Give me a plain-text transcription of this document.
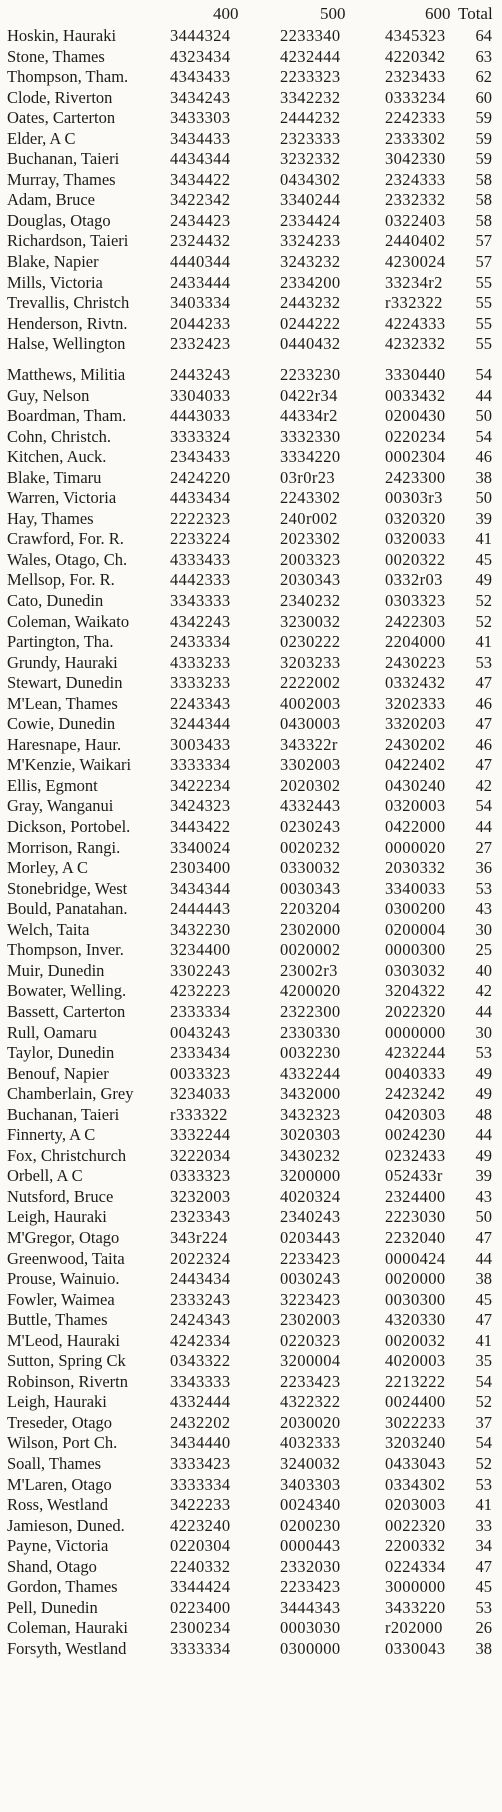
400	500	600 Total
Hoskin, Hauraki	3444324	2233340	4345323 64
Stone, Thames	4323434	4232444	4220342 63
Thompson, Tham.	4343433	2233323	2323433 62
Clode, Riverton	3434243	3342232	0333234 60
Oates, Carterton	3433303	2444232	2242333 59
Elder, A C	3434433	2323333	2333302 59
Buchanan, Taieri	4434344	3232332	3042330 59
Murray, Thames	3434422	0434302	2324333 58
Adam, Bruce	3422342	3340244	2332332 58
Douglas, Otago	2434423	2334424	0322403 58
Richardson, Taieri	2324432	3324233	2440402 57
Blake, Napier	4440344	3243232	4230024 57
Mills, Victoria	2433444	2334200	33234r2 55
Trevallis, Christch 3403334	2443232	r332322 55
Henderson, Rivtn.	2044233	0244222	4224333 55
Halse, Wellington	2332423	0440432	4232332 55
Matthews, Militia	2443243	2233230	3330440 54
Guy, Nelson	3304033	0422r34	0033432 44
Boardman, Tham.	4443033	44334r2	0200430 50
Cohn, Christch.	3333324	3332330	0220234 54
Kitchen, Auck.	2343433	3334220	0002304 46
Blake, Timaru	2424220	03r0r23	2423300 38
Warren, Victoria	4433434	2243302	00303r3 50
Hay, Thames	2222323	240r002	0320320 39
Crawford, For. R.	2233224	2023302	0320033 41
Wales, Otago, Ch.	4333433	2003323	0020322 45
Mellsop, For. R.	4442333	2030343	0332r03 49
Cato, Dunedin	3343333	2340232	0303323 52
Coleman, Waikato 4342243	3230032	2422303 52
Partington, Tha.	2433334	0230222	2204000 41
Grundy, Hauraki	4333233	3203233	2430223 53
Stewart, Dunedin	3333233	2222002	0332432 47
M'Lean, Thames	2243343	4002003	3202333 46
Cowie, Dunedin	3244344	0430003	3320203 47
Haresnape, Haur.	3003433	343322r	2430202 46
M'Kenzie, Waikari 3333334	3302003	0422402 47
Ellis, Egmont	3422234	2020302	0430240 42
Gray, Wanganui	3424323	4332443	0320003 54
Dickson, Portobel. 3443422	0230243	0422000 44
Morrison, Rangi.	3340024	0020232	0000020 27
Morley, A C	2303400	0330032	2030332 36
Stonebridge, West	3434344	0030343	3340033 53
Bould, Panatahan.	2444443	2203204	0300200 43
Welch, Taita	3432230	2302000	0200004 30
Thompson, Inver.	3234400	0020002	0000300 25
Muir, Dunedin	3302243	23002r3	0303032 40
Bowater, Welling.	4232223	4200020	3204322 42
Bassett, Carterton	2333334	2322300	2022320 44
Rull, Oamaru	0043243	2330330	0000000 30
Taylor, Dunedin	2333434	0032230	4232244 53
Benouf, Napier	0033323	4332244	0040333 49
Chamberlain, Grey 3234033	3432000	2423242 49
Buchanan, Taieri	r333322	3432323	0420303 48
Finnerty, A C	3332244	3020303	0024230 44
Fox, Christchurch	3222034	3430232	0232433 49
Orbell, A C	0333323	3200000	052433r 39
Nutsford, Bruce	3232003	4020324	2324400 43
Leigh, Hauraki	2323343	2340243	2223030 50
M'Gregor, Otago	343r224	0203443	2232040 47
Greenwood, Taita	2022324	2233423	0000424 44
Prouse, Wainuio.	2443434	0030243	0020000 38
Fowler, Waimea	2333243	3223423	0030300 45
Buttle, Thames	2424343	2302003	4320330 47
M'Leod, Hauraki	4242334	0220323	0020032 41
Sutton, Spring Ck	0343322	3200004	4020003 35
Robinson, Rivertn	3343333	2233423	2213222 54
Leigh, Hauraki	4332444	4322322	0024400 52
Treseder, Otago	2432202	2030020	3022233 37
Wilson, Port Ch.	3434440	4032333	3203240 54
Soall, Thames	3333423	3240032	0433043 52
M'Laren, Otago	3333334	3403303	0334302 53
Ross, Westland	3422233	0024340	0203003 41
Jamieson, Duned.	4223240	0200230	0022320 33
Payne, Victoria	0220304	0000443	2200332 34
Shand, Otago	2240332	2332030	0224334 47
Gordon, Thames	3344424	2233423	3000000 45
Pell, Dunedin	0223400	3444343	3433220 53
Coleman, Hauraki	2300234	0003030	r202000 26
Forsyth, Westland	3333334	0300000	0330043 38
